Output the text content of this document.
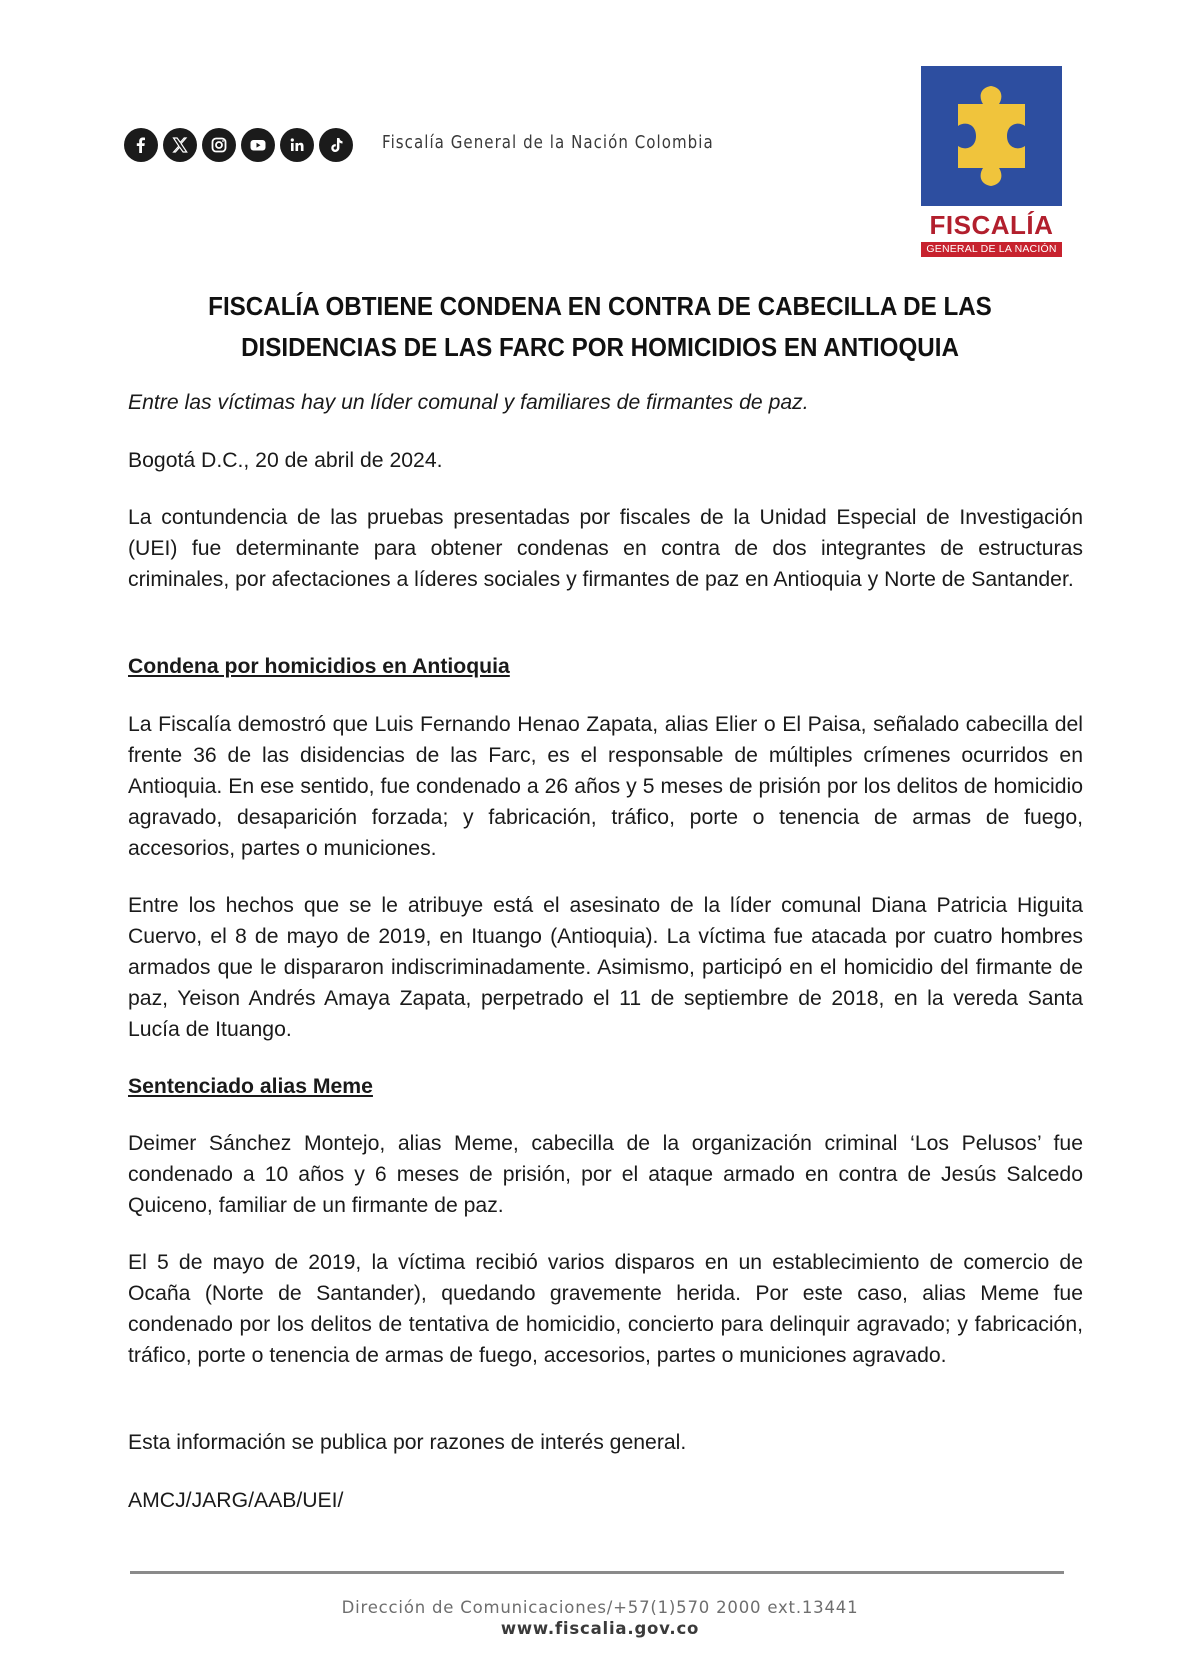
Fiscalía General de la Nación Colombia
FISCALÍA
GENERAL DE LA NACIÓN
FISCALÍA OBTIENE CONDENA EN CONTRA DE CABECILLA DE LAS
DISIDENCIAS DE LAS FARC POR HOMICIDIOS EN ANTIOQUIA
Entre las víctimas hay un líder comunal y familiares de firmantes de paz.
Bogotá D.C., 20 de abril de 2024.
La contundencia de las pruebas presentadas por fiscales de la Unidad Especial de Investigación (UEI) fue determinante para obtener condenas en contra de dos integrantes de estructuras criminales, por afectaciones a líderes sociales y firmantes de paz en Antioquia y Norte de Santander.
Condena por homicidios en Antioquia
La Fiscalía demostró que Luis Fernando Henao Zapata, alias Elier o El Paisa, señalado cabecilla del frente 36 de las disidencias de las Farc, es el responsable de múltiples crímenes ocurridos en Antioquia. En ese sentido, fue condenado a 26 años y 5 meses de prisión por los delitos de homicidio agravado, desaparición forzada; y fabricación, tráfico, porte o tenencia de armas de fuego, accesorios, partes o municiones.
Entre los hechos que se le atribuye está el asesinato de la líder comunal Diana Patricia Higuita Cuervo, el 8 de mayo de 2019, en Ituango (Antioquia). La víctima fue atacada por cuatro hombres armados que le dispararon indiscriminadamente. Asimismo, participó en el homicidio del firmante de paz, Yeison Andrés Amaya Zapata, perpetrado el 11 de septiembre de 2018, en la vereda Santa Lucía de Ituango.
Sentenciado alias Meme
Deimer Sánchez Montejo, alias Meme, cabecilla de la organización criminal ‘Los Pelusos’ fue condenado a 10 años y 6 meses de prisión, por el ataque armado en contra de Jesús Salcedo Quiceno, familiar de un firmante de paz.
El 5 de mayo de 2019, la víctima recibió varios disparos en un establecimiento de comercio de Ocaña (Norte de Santander), quedando gravemente herida. Por este caso, alias Meme fue condenado por los delitos de tentativa de homicidio, concierto para delinquir agravado; y fabricación, tráfico, porte o tenencia de armas de fuego, accesorios, partes o municiones agravado.
Esta información se publica por razones de interés general.
AMCJ/JARG/AAB/UEI/
Dirección de Comunicaciones/+57(1)570 2000 ext.13441
www.fiscalia.gov.co
